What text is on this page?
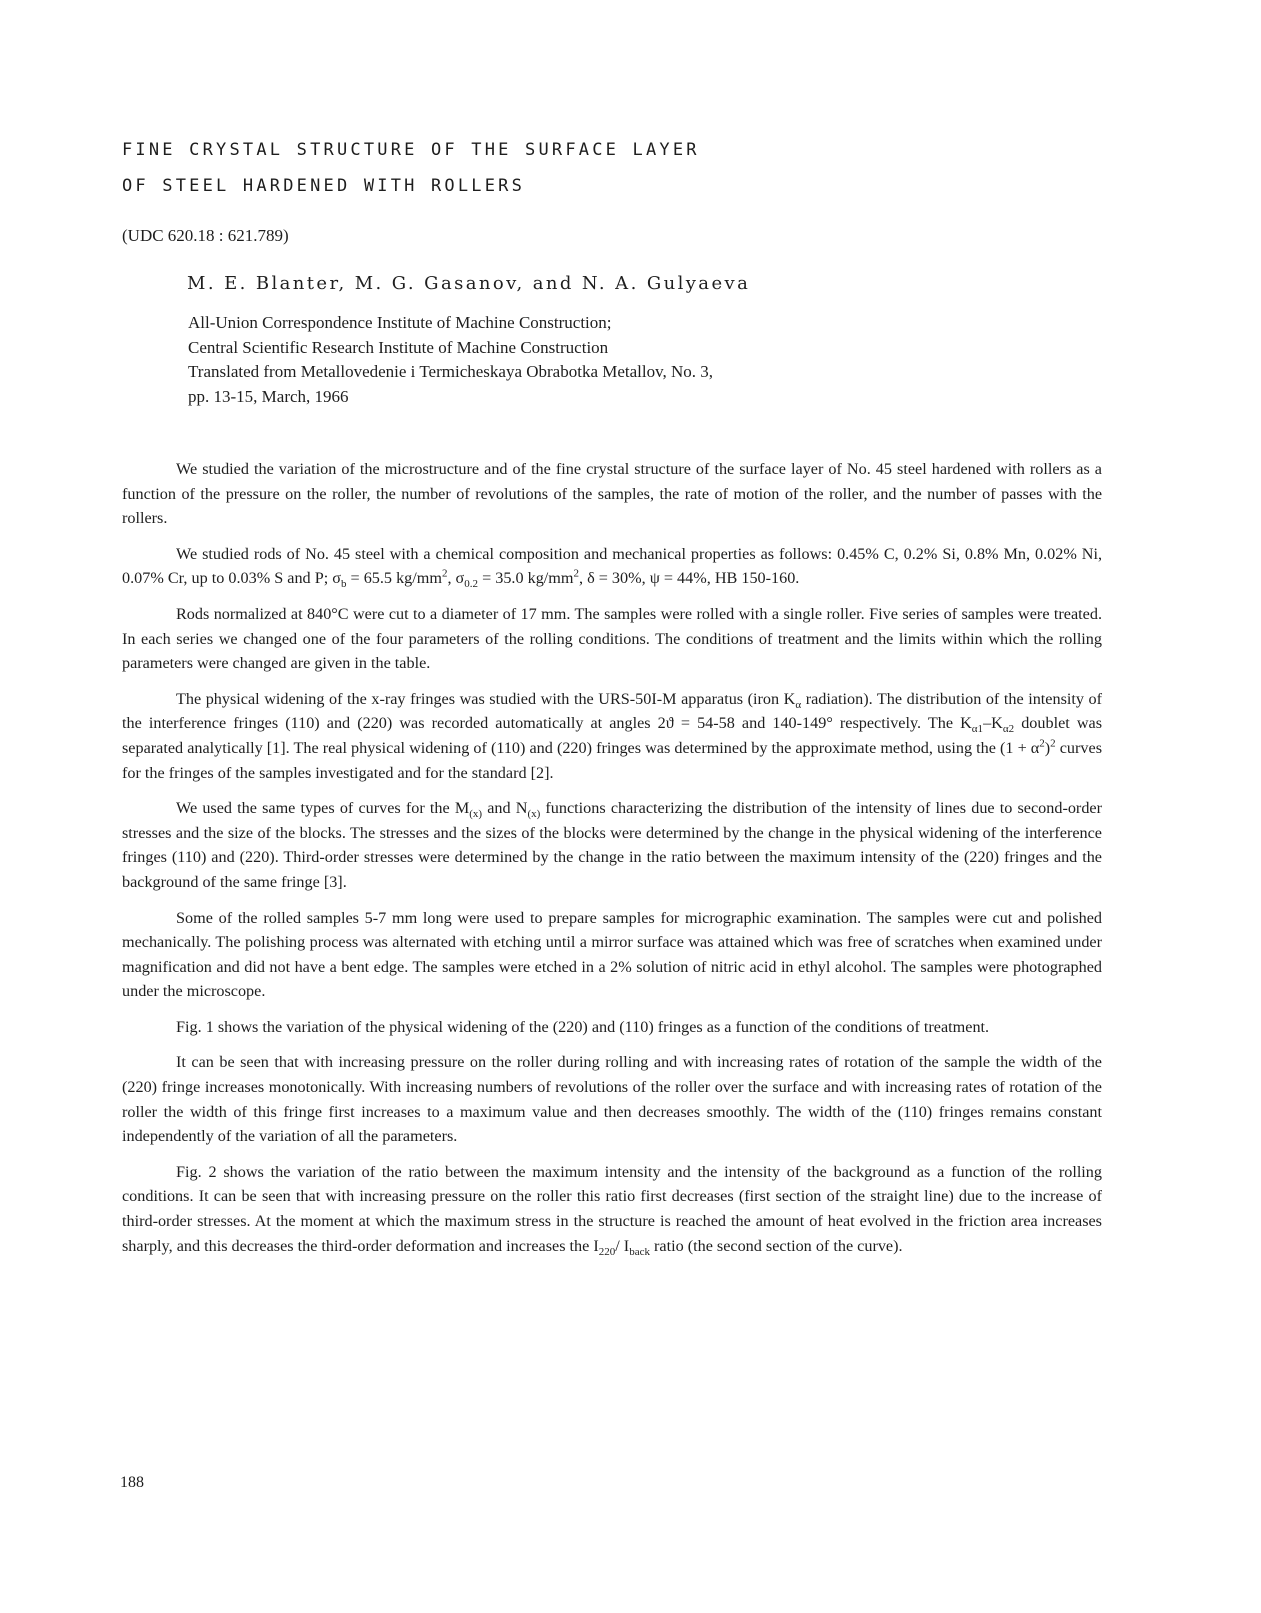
FINE CRYSTAL STRUCTURE OF THE SURFACE LAYER
OF STEEL HARDENED WITH ROLLERS

(UDC 620.18 : 621.789)

M. E. Blanter, M. G. Gasanov, and N. A. Gulyaeva

All-Union Correspondence Institute of Machine Construction;
Central Scientific Research Institute of Machine Construction
Translated from Metallovedenie i Termicheskaya Obrabotka Metallov, No. 3,
pp. 13-15, March, 1966

We studied the variation of the microstructure and of the fine crystal structure of the surface layer of No. 45 steel hardened with rollers as a function of the pressure on the roller, the number of revolutions of the samples, the rate of motion of the roller, and the number of passes with the rollers.

We studied rods of No. 45 steel with a chemical composition and mechanical properties as follows: 0.45% C, 0.2% Si, 0.8% Mn, 0.02% Ni, 0.07% Cr, up to 0.03% S and P; $\sigma_b = 65.5$ $kg/mm^2$, $\sigma_{0.2} = 35.0$ $kg/mm^2$, δ = 30%, ψ = 44%, HB 150-160.

Rods normalized at 840°C were cut to a diameter of 17 mm. The samples were rolled with a single roller. Five series of samples were treated. In each series we changed one of the four parameters of the rolling conditions. The conditions of treatment and the limits within which the rolling parameters were changed are given in the table.

The physical widening of the x-ray fringes was studied with the URS-50I-M apparatus (iron $K_\alpha$ radiation). The distribution of the intensity of the interference fringes (110) and (220) was recorded automatically at angles 2ϑ = 54-58 and 140-149° respectively. The $K_{\alpha 1}-K_{\alpha 2}$ doublet was separated analytically [1]. The real physical widening of (110) and (220) fringes was determined by the approximate method, using the $(1 + \alpha^2)^2$ curves for the fringes of the samples investigated and for the standard [2].

We used the same types of curves for the $M_{(x)}$ and $N_{(x)}$ functions characterizing the distribution of the intensity of lines due to second-order stresses and the size of the blocks. The stresses and the sizes of the blocks were determined by the change in the physical widening of the interference fringes (110) and (220). Third-order stresses were determined by the change in the ratio between the maximum intensity of the (220) fringes and the background of the same fringe [3].

Some of the rolled samples 5-7 mm long were used to prepare samples for micrographic examination. The samples were cut and polished mechanically. The polishing process was alternated with etching until a mirror surface was attained which was free of scratches when examined under magnification and did not have a bent edge. The samples were etched in a 2% solution of nitric acid in ethyl alcohol. The samples were photographed under the microscope.

Fig. 1 shows the variation of the physical widening of the (220) and (110) fringes as a function of the conditions of treatment.

It can be seen that with increasing pressure on the roller during rolling and with increasing rates of rotation of the sample the width of the (220) fringe increases monotonically. With increasing numbers of revolutions of the roller over the surface and with increasing rates of rotation of the roller the width of this fringe first increases to a maximum value and then decreases smoothly. The width of the (110) fringes remains constant independently of the variation of all the parameters.

Fig. 2 shows the variation of the ratio between the maximum intensity and the intensity of the background as a function of the rolling conditions. It can be seen that with increasing pressure on the roller this ratio first decreases (first section of the straight line) due to the increase of third-order stresses. At the moment at which the maximum stress in the structure is reached the amount of heat evolved in the friction area increases sharply, and this decreases the third-order deformation and increases the $I_{220}/$ $I_{back}$ ratio (the second section of the curve).

188
